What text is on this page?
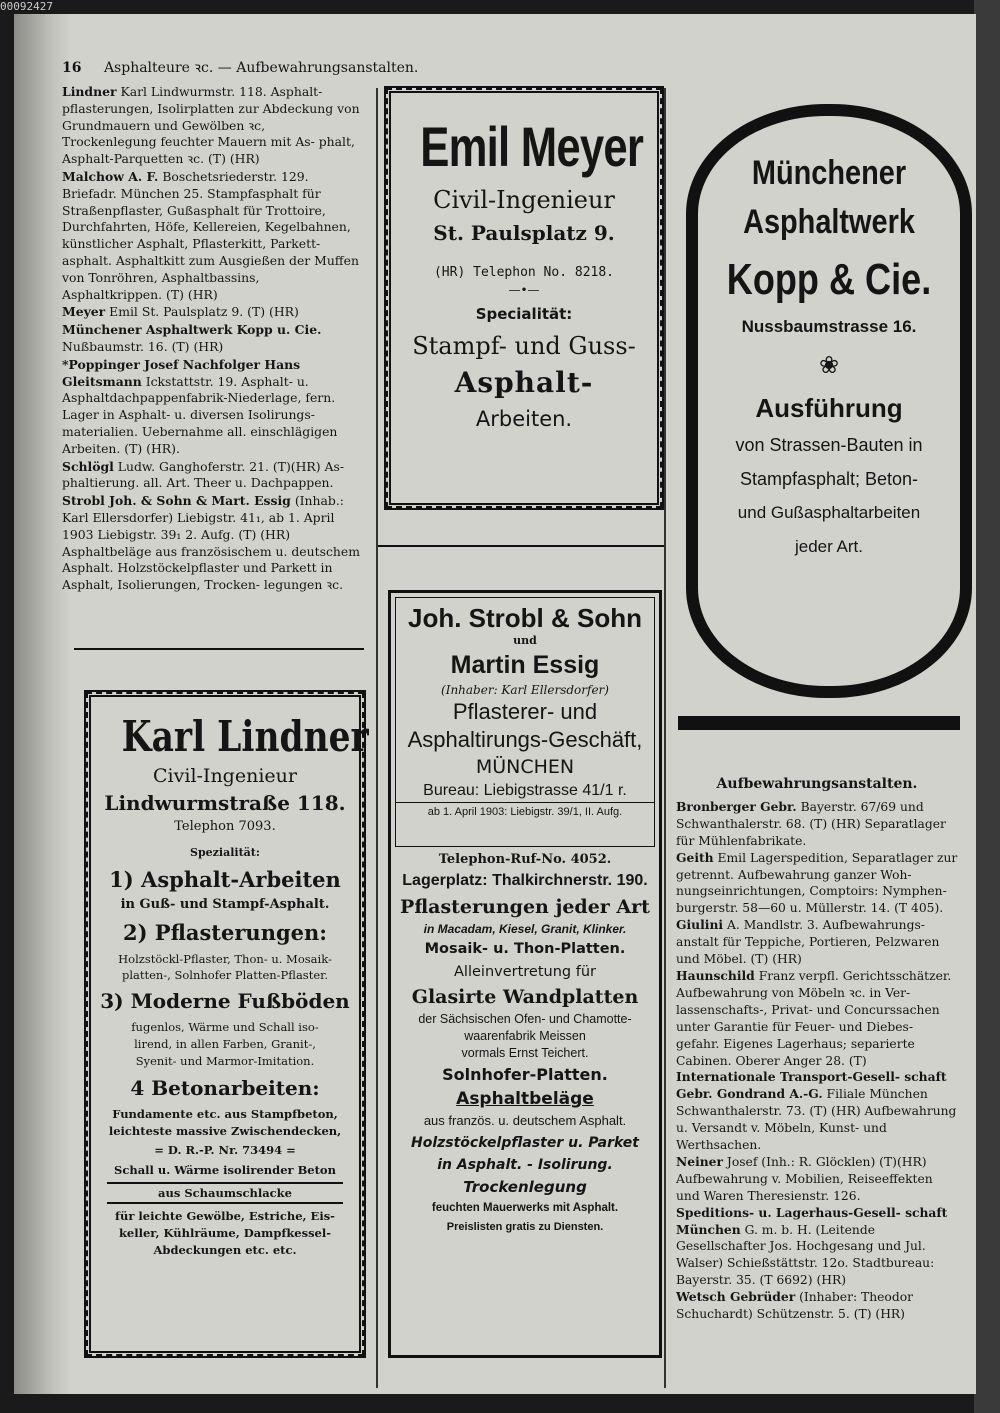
00092427
16 Asphalteure ꝛc. — Aufbewahrungsanstalten.

Lindner Karl Lindwurmstr. 118. Asphalt- pflasterungen, Isolirplatten zur Abdeckung von Grundmauern und Gewölben ꝛc, Trockenlegung feuchter Mauern mit As- phalt, Asphalt-Parquetten ꝛc. (T) (HR)

Malchow A. F. Boschetsriederstr. 129. Briefadr. München 25. Stampfasphalt für Straßenpflaster, Gußasphalt für Trottoire, Durchfahrten, Höfe, Kellereien, Kegelbahnen, künstlicher Asphalt, Pflasterkitt, Parkett- asphalt. Asphaltkitt zum Ausgießen der Muffen von Tonröhren, Asphaltbassins, Asphaltkrippen. (T) (HR)

Meyer Emil St. Paulsplatz 9. (T) (HR)

Münchener Asphaltwerk Kopp u. Cie. Nußbaumstr. 16. (T) (HR)

*Poppinger Josef Nachfolger Hans Gleitsmann Ickstattstr. 19. Asphalt- u. Asphaltdachpappenfabrik-Niederlage, fern. Lager in Asphalt- u. diversen Isolirungs- materialien. Uebernahme all. einschlägigen Arbeiten. (T) (HR).

Schlögl Ludw. Ganghoferstr. 21. (T)(HR) As- phaltierung. all. Art. Theer u. Dachpappen.

Strobl Joh. & Sohn & Mart. Essig (Inhab.: Karl Ellersdorfer) Liebigstr. 41₁, ab 1. April 1903 Liebigstr. 39₁ 2. Aufg. (T) (HR) Asphaltbeläge aus französischem u. deutschem Asphalt. Holzstöckelpflaster und Parkett in Asphalt, Isolierungen, Trocken- legungen ꝛc.

Emil Meyer
Civil-Ingenieur
St. Paulsplatz 9.
(HR) Telephon No. 8218.
—•—
Specialität:
Stampf- und Guss-
Asphalt-
Arbeiten.
Münchener
Asphaltwerk
Kopp & Cie.
Nussbaumstrasse 16.
❀
Ausführung
von Strassen-Bauten in
Stampfasphalt; Beton-
und Gußasphaltarbeiten
jeder Art.
Karl Lindner
Civil-Ingenieur
Lindwurmstraße 118.
Telephon 7093.
Spezialität:
1) Asphalt-Arbeiten
in Guß- und Stampf-Asphalt.
2) Pflasterungen:
Holzstöckl-Pflaster, Thon- u. Mosaik-
platten-, Solnhofer Platten-Pflaster.
3) Moderne Fußböden
fugenlos, Wärme und Schall iso-
lirend, in allen Farben, Granit-,
Syenit- und Marmor-Imitation.
4 Betonarbeiten:
Fundamente etc. aus Stampfbeton,
leichteste massive Zwischendecken,
= D. R.-P. Nr. 73494 =
Schall u. Wärme isolirender Beton
aus Schaumschlacke
für leichte Gewölbe, Estriche, Eis-
keller, Kühlräume, Dampfkessel-
Abdeckungen etc. etc.
Joh. Strobl & Sohn
und
Martin Essig
(Inhaber: Karl Ellersdorfer)
Pflasterer- und
Asphaltirungs-Geschäft,
MÜNCHEN
Bureau: Liebigstrasse 41/1 r.
ab 1. April 1903: Liebigstr. 39/1, II. Aufg.
Telephon-Ruf-No. 4052.
Lagerplatz: Thalkirchnerstr. 190.
Pflasterungen jeder Art
in Macadam, Kiesel, Granit, Klinker.
Mosaik- u. Thon-Platten.
Alleinvertretung für
Glasirte Wandplatten
der Sächsischen Ofen- und Chamotte-
waarenfabrik Meissen
vormals Ernst Teichert.
Solnhofer-Platten.
Asphaltbeläge
aus französ. u. deutschem Asphalt.
Holzstöckelpflaster u. Parket
in Asphalt. - Isolirung.
Trockenlegung
feuchten Mauerwerks mit Asphalt.
Preislisten gratis zu Diensten.

Aufbewahrungsanstalten.

Bronberger Gebr. Bayerstr. 67/69 und Schwanthalerstr. 68. (T) (HR) Separatlager für Mühlenfabrikate.

Geith Emil Lagerspedition, Separatlager zur getrennt. Aufbewahrung ganzer Woh- nungseinrichtungen, Comptoirs: Nymphen- burgerstr. 58—60 u. Müllerstr. 14. (T 405).

Giulini A. Mandlstr. 3. Aufbewahrungs- anstalt für Teppiche, Portieren, Pelzwaren und Möbel. (T) (HR)

Haunschild Franz verpfl. Gerichtsschätzer. Aufbewahrung von Möbeln ꝛc. in Ver- lassenschafts-, Privat- und Concurssachen unter Garantie für Feuer- und Diebes- gefahr. Eigenes Lagerhaus; separierte Cabinen. Oberer Anger 28. (T)

Internationale Transport-Gesell- schaft Gebr. Gondrand A.-G. Filiale München Schwanthalerstr. 73. (T) (HR) Aufbewahrung u. Versandt v. Möbeln, Kunst- und Werthsachen.

Neiner Josef (Inh.: R. Glöcklen) (T)(HR) Aufbewahrung v. Mobilien, Reiseeffekten und Waren Theresienstr. 126.

Speditions- u. Lagerhaus-Gesell- schaft München G. m. b. H. (Leitende Gesellschafter Jos. Hochgesang und Jul. Walser) Schießstättstr. 12o. Stadtbureau: Bayerstr. 35. (T 6692) (HR)

Wetsch Gebrüder (Inhaber: Theodor Schuchardt) Schützenstr. 5. (T) (HR)
